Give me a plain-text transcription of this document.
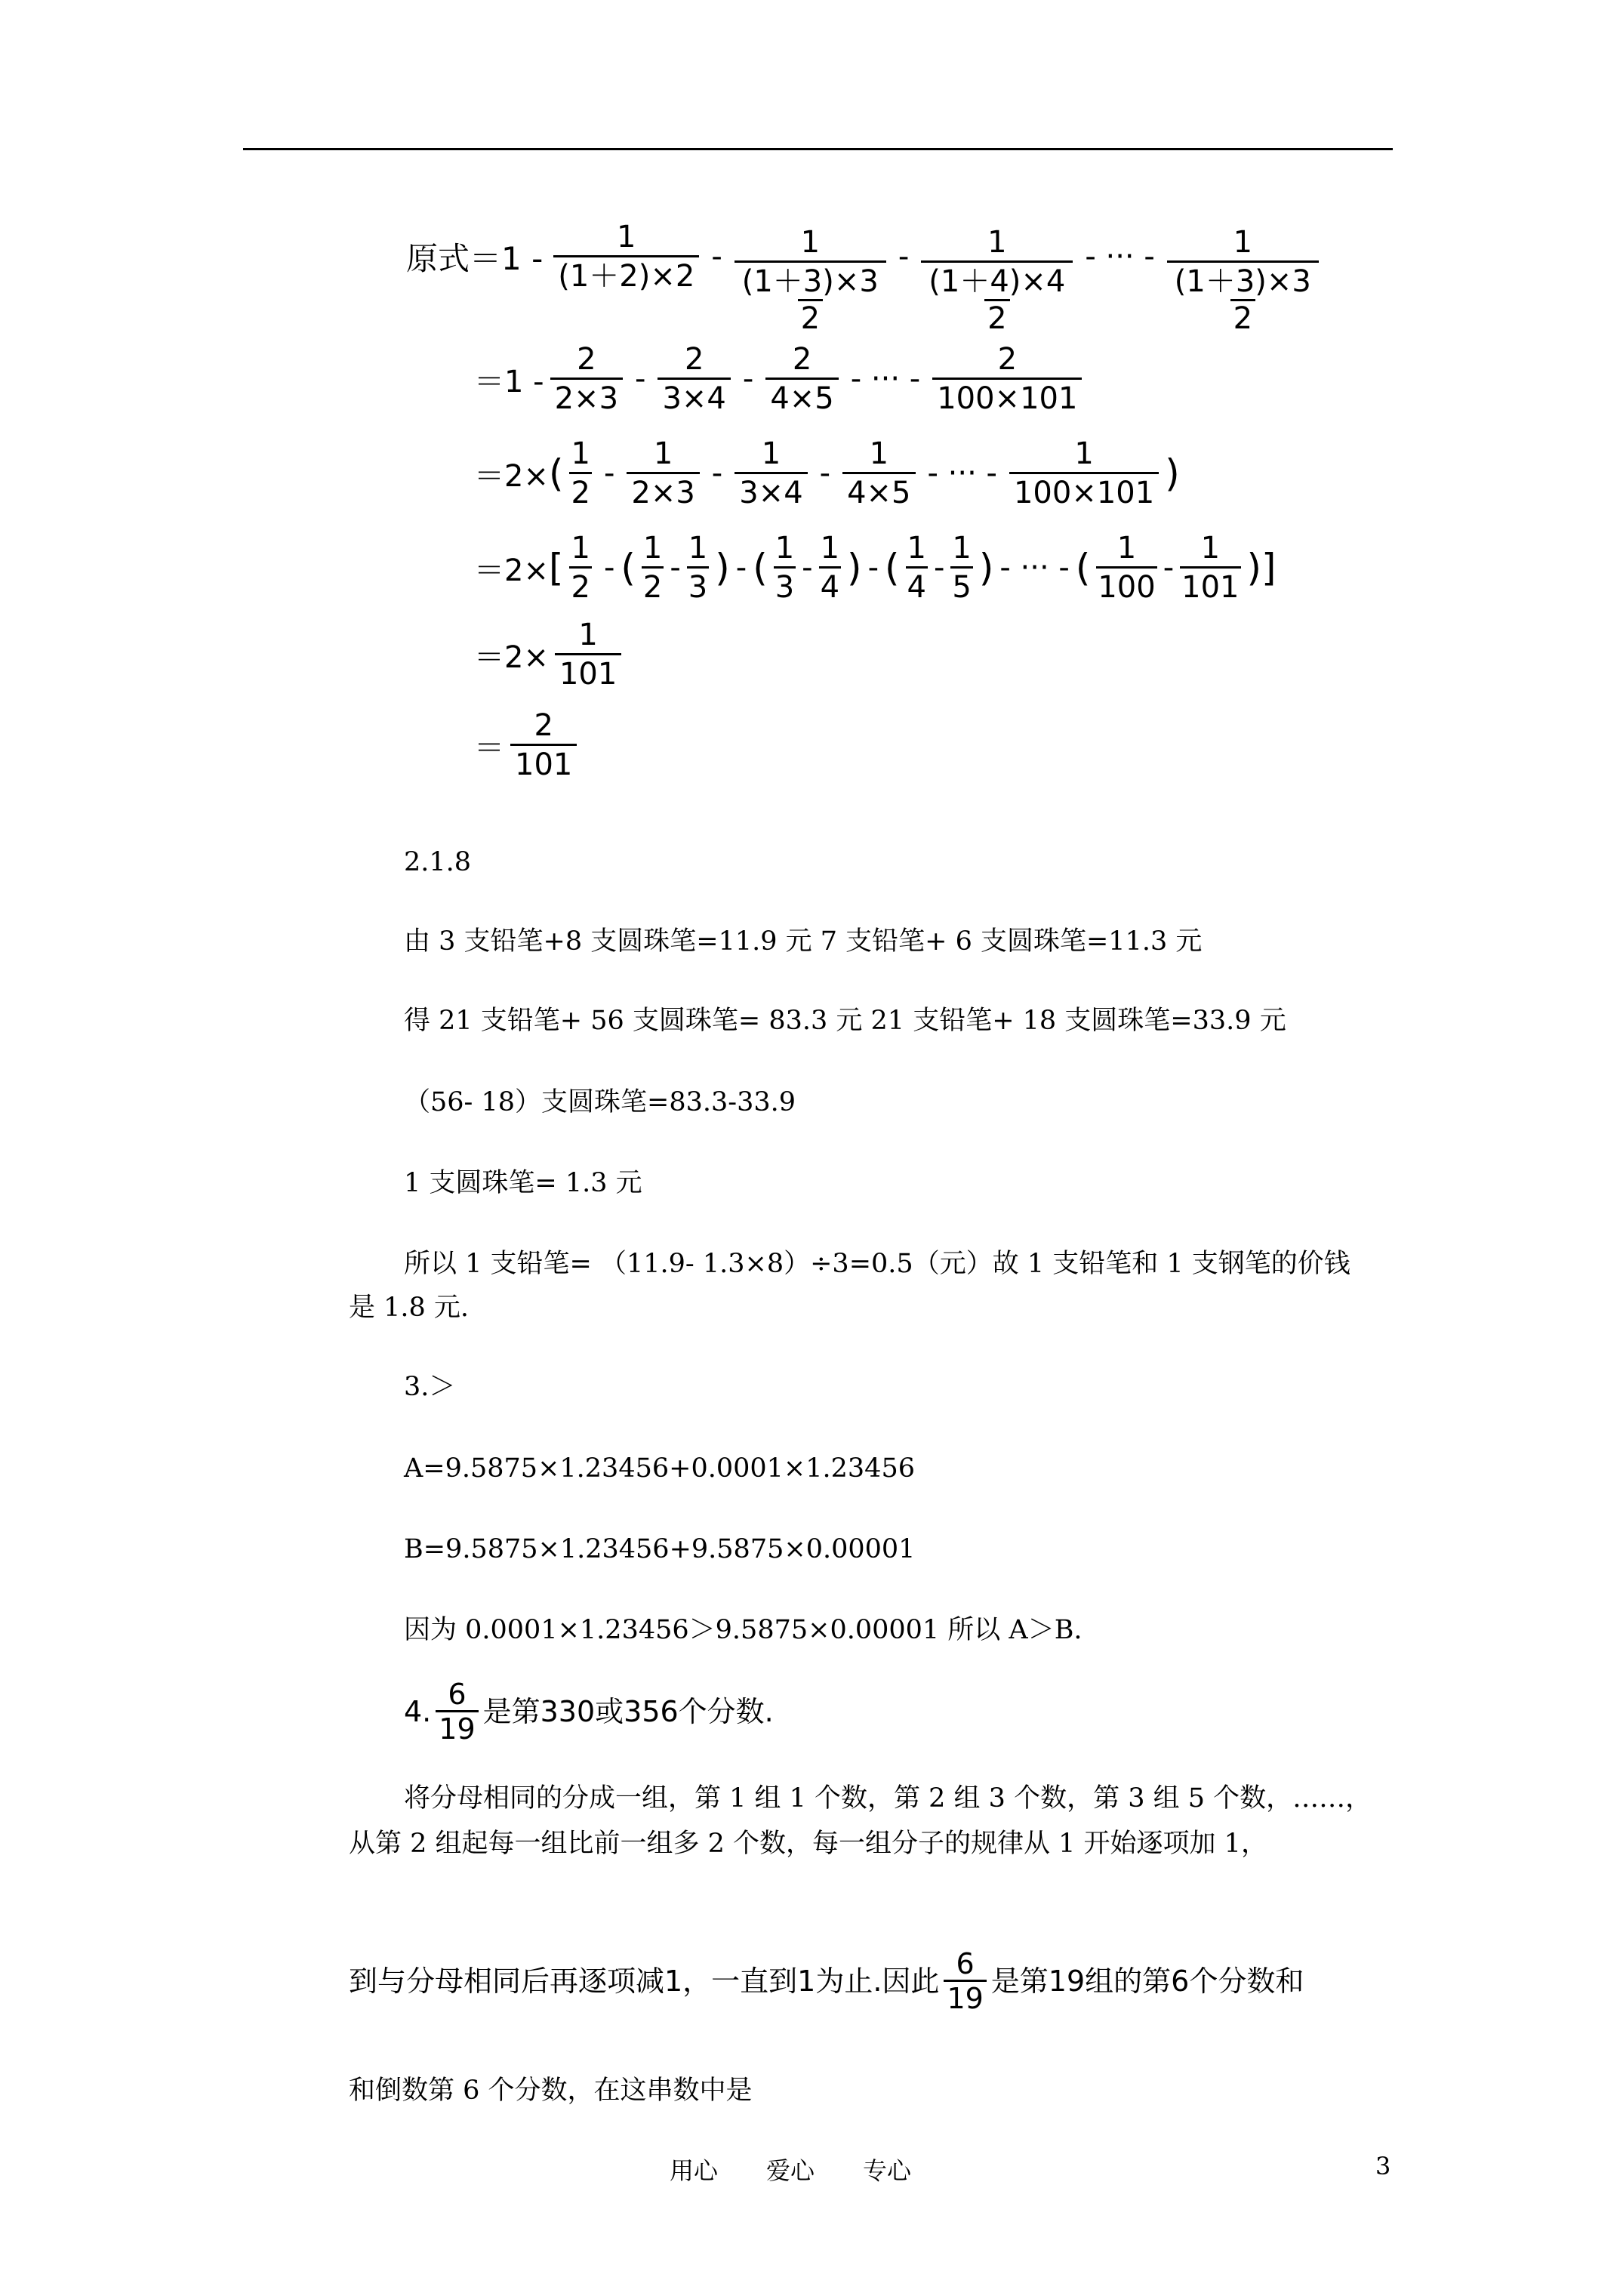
原式$=1 - \frac{1}{(1+2)\times 2} - \frac{1}{\frac{(1+3)\times 3}{2}} - \frac{1}{\frac{(1+4)\times 4}{2}}$ - ··· - $\frac{1}{\frac{(1+3)\times 3}{2}}$
$=1 - \frac{2}{2\times 3} - \frac{2}{3\times 4} - \frac{2}{4\times 5}$ - ··· - $\frac{2}{100\times 101}$
＝2× ( $\frac{1}{2} - \frac{1}{2\times 3} - \frac{1}{3\times 4} - \frac{1}{4\times 5}$ - ··· - $\frac{1}{100\times 101}$ )
＝2× [ $\frac{1}{2}$ - ( $\frac{1}{2} - \frac{1}{3}$ ) - ( $\frac{1}{3} - \frac{1}{4}$ ) - ( $\frac{1}{4} - \frac{1}{5}$ ) - ··· - ( $\frac{1}{100} - \frac{1}{101}$ )]
$=2\times \frac{1}{101}$
＝ $\frac{2}{101}$
2.1.8
由 3 支铅笔+8 支圆珠笔=11.9 元 7 支铅笔+ 6 支圆珠笔=11.3 元
得 21 支铅笔+ 56 支圆珠笔= 83.3 元 21 支铅笔+ 18 支圆珠笔=33.9 元
（56- 18）支圆珠笔=83.3-33.9
1 支圆珠笔= 1.3 元
所以 1 支铅笔= （11.9- 1.3×8）÷3=0.5（元）故 1 支铅笔和 1 支钢笔的价钱
是 1.8 元.
3.＞
A=9.5875×1.23456+0.0001×1.23456
B=9.5875×1.23456+9.5875×0.00001
因为 0.0001×1.23456＞9.5875×0.00001 所以 A＞B.
4. $\frac{6}{19}$ 是第330或356个分数.
将分母相同的分成一组，第 1 组 1 个数，第 2 组 3 个数，第 3 组 5 个数，……，
从第 2 组起每一组比前一组多 2 个数，每一组分子的规律从 1 开始逐项加 1，
到与分母相同后再逐项减1，一直到1为止.因此 $\frac{6}{19}$ 是第19组的第6个分数和
和倒数第 6 个分数，在这串数中是
用心　　爱心　　专心	3
